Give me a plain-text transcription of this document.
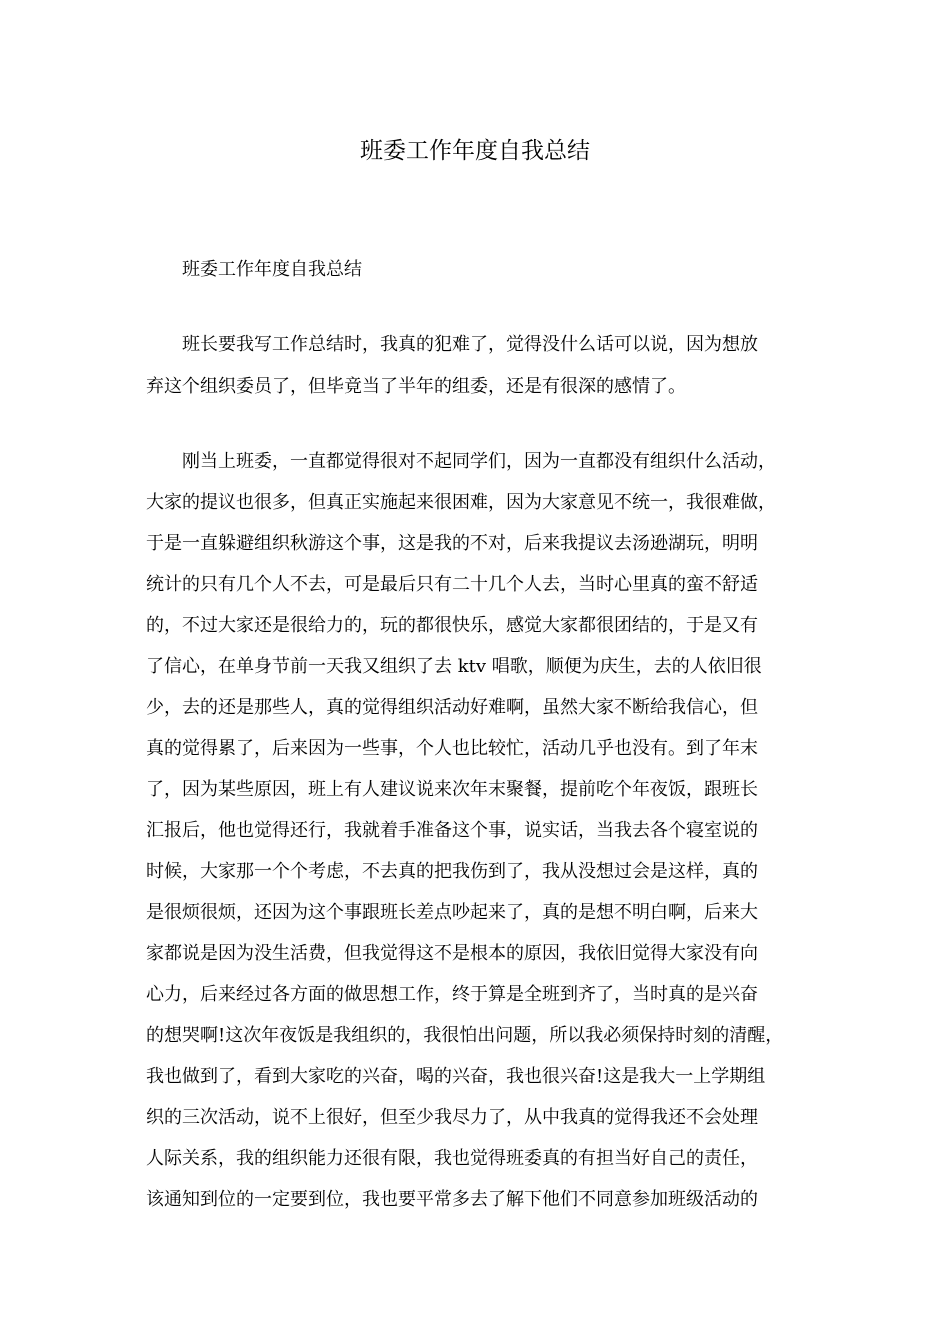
班委工作年度自我总结
班委工作年度自我总结
班长要我写工作总结时，我真的犯难了，觉得没什么话可以说，因为想放
弃这个组织委员了，但毕竟当了半年的组委，还是有很深的感情了。
刚当上班委，一直都觉得很对不起同学们，因为一直都没有组织什么活动，
大家的提议也很多，但真正实施起来很困难，因为大家意见不统一，我很难做，
于是一直躲避组织秋游这个事，这是我的不对，后来我提议去汤逊湖玩，明明
统计的只有几个人不去，可是最后只有二十几个人去，当时心里真的蛮不舒适
的，不过大家还是很给力的，玩的都很快乐，感觉大家都很团结的，于是又有
了信心，在单身节前一天我又组织了去 ktv 唱歌，顺便为庆生，去的人依旧很
少，去的还是那些人，真的觉得组织活动好难啊，虽然大家不断给我信心，但
真的觉得累了，后来因为一些事，个人也比较忙，活动几乎也没有。到了年末
了，因为某些原因，班上有人建议说来次年末聚餐，提前吃个年夜饭，跟班长
汇报后，他也觉得还行，我就着手准备这个事，说实话，当我去各个寝室说的
时候，大家那一个个考虑，不去真的把我伤到了，我从没想过会是这样，真的
是很烦很烦，还因为这个事跟班长差点吵起来了，真的是想不明白啊，后来大
家都说是因为没生活费，但我觉得这不是根本的原因，我依旧觉得大家没有向
心力，后来经过各方面的做思想工作，终于算是全班到齐了，当时真的是兴奋
的想哭啊!这次年夜饭是我组织的，我很怕出问题，所以我必须保持时刻的清醒，
我也做到了，看到大家吃的兴奋，喝的兴奋，我也很兴奋!这是我大一上学期组
织的三次活动，说不上很好，但至少我尽力了，从中我真的觉得我还不会处理
人际关系，我的组织能力还很有限，我也觉得班委真的有担当好自己的责任，
该通知到位的一定要到位，我也要平常多去了解下他们不同意参加班级活动的
